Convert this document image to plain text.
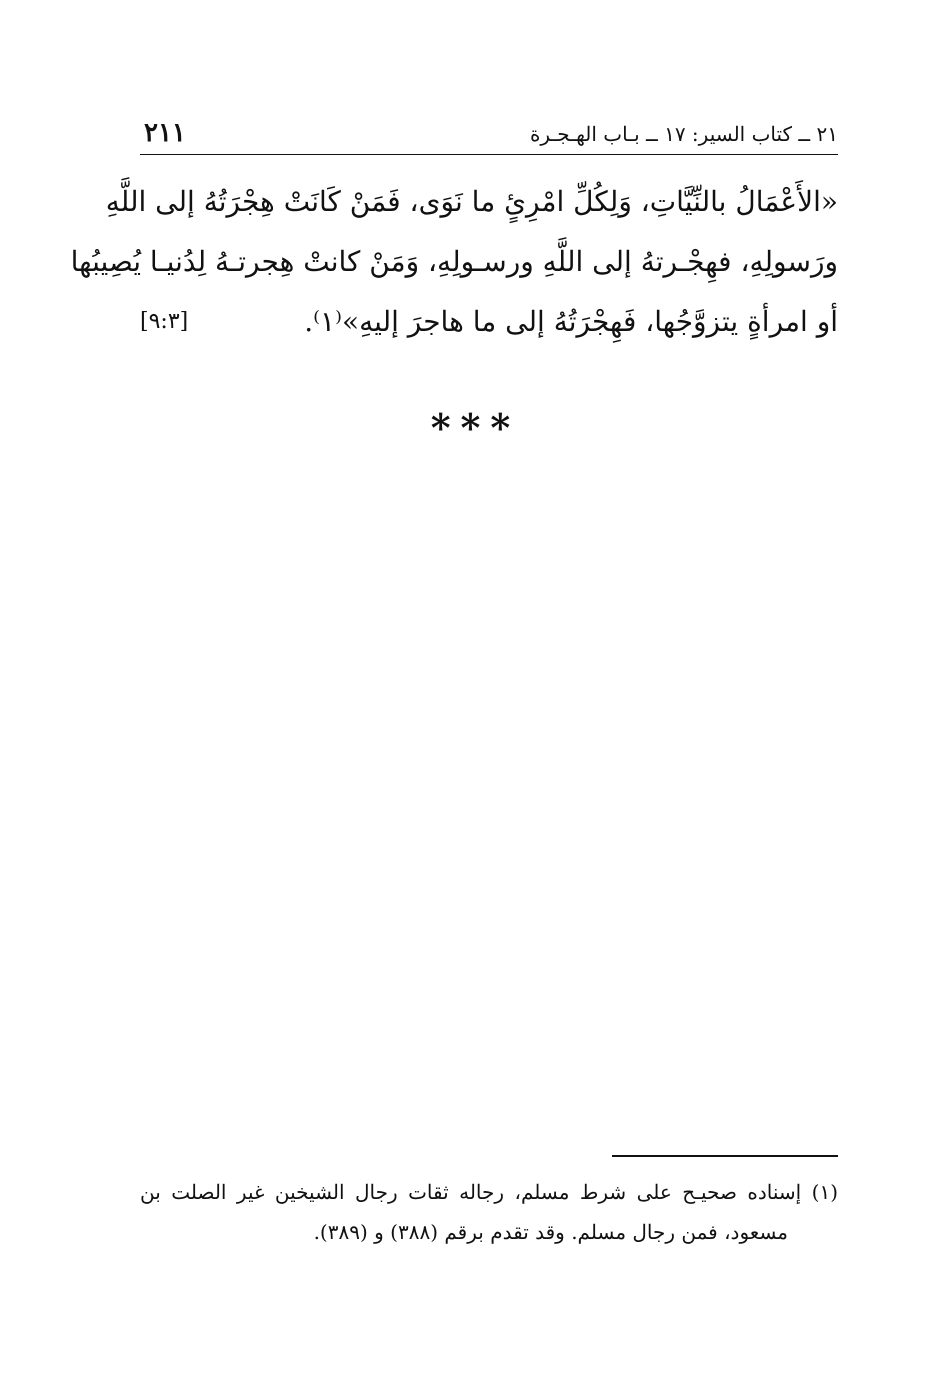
٢١١	٢١ ــ كتاب السير: ١٧ ــ بـاب الهـجـرة
«الأَعْمَالُ بالنِّيَّاتِ، وَلِكُلِّ امْرِئٍ ما نَوَى، فَمَنْ كَانَتْ هِجْرَتُهُ إلى اللَّهِ
ورَسولِهِ، فهِجْـرتهُ إلى اللَّهِ ورسـولِهِ، وَمَنْ كانتْ هِجرتـهُ لِدُنيـا يُصِيبُها
أو امرأةٍ يتزوَّجُها، فَهِجْرَتُهُ إلى ما هاجرَ إليهِ»⁽١⁾.
[٩:٣]
***
(١) إسناده صحيـح على شرط مسلم، رجاله ثقات رجال الشيخين غير الصلت بن
مسعود، فمن رجال مسلم. وقد تقدم برقم (٣٨٨) و (٣٨٩).
